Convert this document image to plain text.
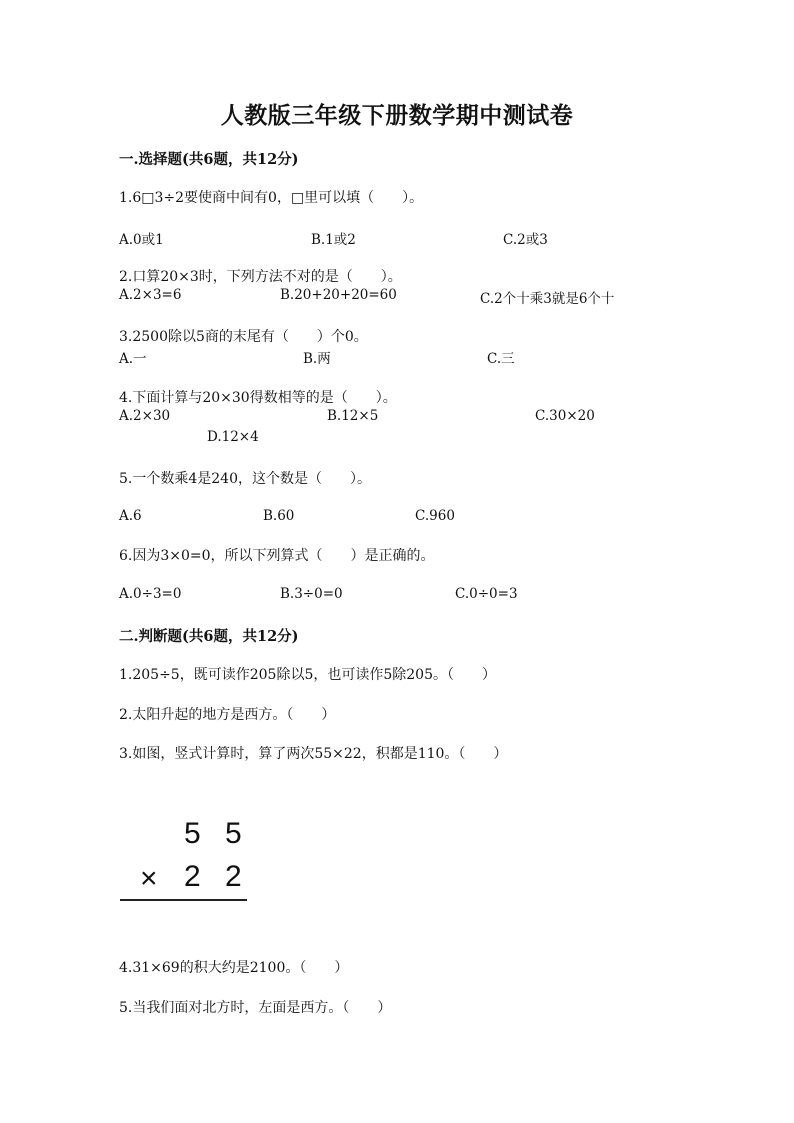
人教版三年级下册数学期中测试卷
一.选择题(共6题，共12分)
1.6□3÷2要使商中间有0，□里可以填（　　）。
A.0或1	B.1或2	C.2或3
2.口算20×3时，下列方法不对的是（　　）。
A.2×3=6	B.20+20+20=60	C.2个十乘3就是6个十
3.2500除以5商的末尾有（　　）个0。
A.一	B.两	C.三
4.下面计算与20×30得数相等的是（　　）。
A.2×30	B.12×5	C.30×20
D.12×4
5.一个数乘4是240，这个数是（　　）。
A.6	B.60	C.960
6.因为3×0=0，所以下列算式（　　）是正确的。
A.0÷3=0	B.3÷0=0	C.0÷0=3
二.判断题(共6题，共12分)
1.205÷5，既可读作205除以5，也可读作5除205。（　　）
2.太阳升起的地方是西方。（　　）
3.如图，竖式计算时，算了两次55×22，积都是110。（　　）
5 5
× 2 2
4.31×69的积大约是2100。（　　）
5.当我们面对北方时，左面是西方。（　　）
